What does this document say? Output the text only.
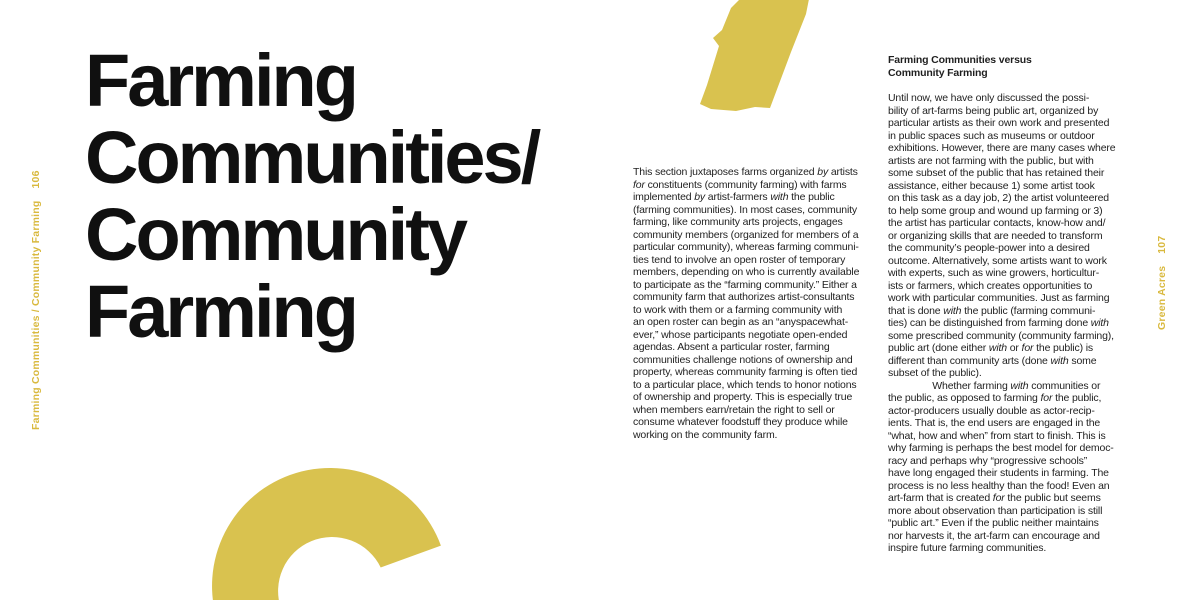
Farming
Communities/
Community
Farming
Farming Communities / Community Farming
106	This section juxtaposes farms organized by artists
for constituents (community farming) with farms
implemented by artist-farmers with the public
(farming communities). In most cases, community
farming, like community arts projects, engages
community members (organized for members of a
particular community), whereas farming communi-
ties tend to involve an open roster of temporary
members, depending on who is currently available
to participate as the “farming community.” Either a
community farm that authorizes artist-consultants
to work with them or a farming community with
an open roster can begin as an “anyspacewhat-
ever,” whose participants negotiate open-ended
agendas. Absent a particular roster, farming
communities challenge notions of ownership and
property, whereas community farming is often tied
to a particular place, which tends to honor notions
of ownership and property. This is especially true
when members earn/retain the right to sell or
consume whatever foodstuff they produce while
working on the community farm.
Farming Communities versus
Community Farming
Until now, we have only discussed the possi-
bility of art-farms being public art, organized by
particular artists as their own work and presented
in public spaces such as museums or outdoor
exhibitions. However, there are many cases where
artists are not farming with the public, but with
some subset of the public that has retained their
assistance, either because 1) some artist took
on this task as a day job, 2) the artist volunteered
to help some group and wound up farming or 3)
the artist has particular contacts, know-how and/
or organizing skills that are needed to transform
the community’s people-power into a desired
outcome. Alternatively, some artists want to work
with experts, such as wine growers, horticultur-
ists or farmers, which creates opportunities to
work with particular communities. Just as farming
that is done with the public (farming communi-
ties) can be distinguished from farming done with
some prescribed community (community farming),
public art (done either with or for the public) is
different than community arts (done with some
subset of the public).
Whether farming with communities or
the public, as opposed to farming for the public,
actor-producers usually double as actor-recip-
ients. That is, the end users are engaged in the
“what, how and when” from start to finish. This is
why farming is perhaps the best model for democ-
racy and perhaps why “progressive schools”
have long engaged their students in farming. The
process is no less healthy than the food! Even an
art-farm that is created for the public but seems
more about observation than participation is still
“public art.” Even if the public neither maintains
nor harvests it, the art-farm can encourage and
inspire future farming communities.
Green Acres
107
